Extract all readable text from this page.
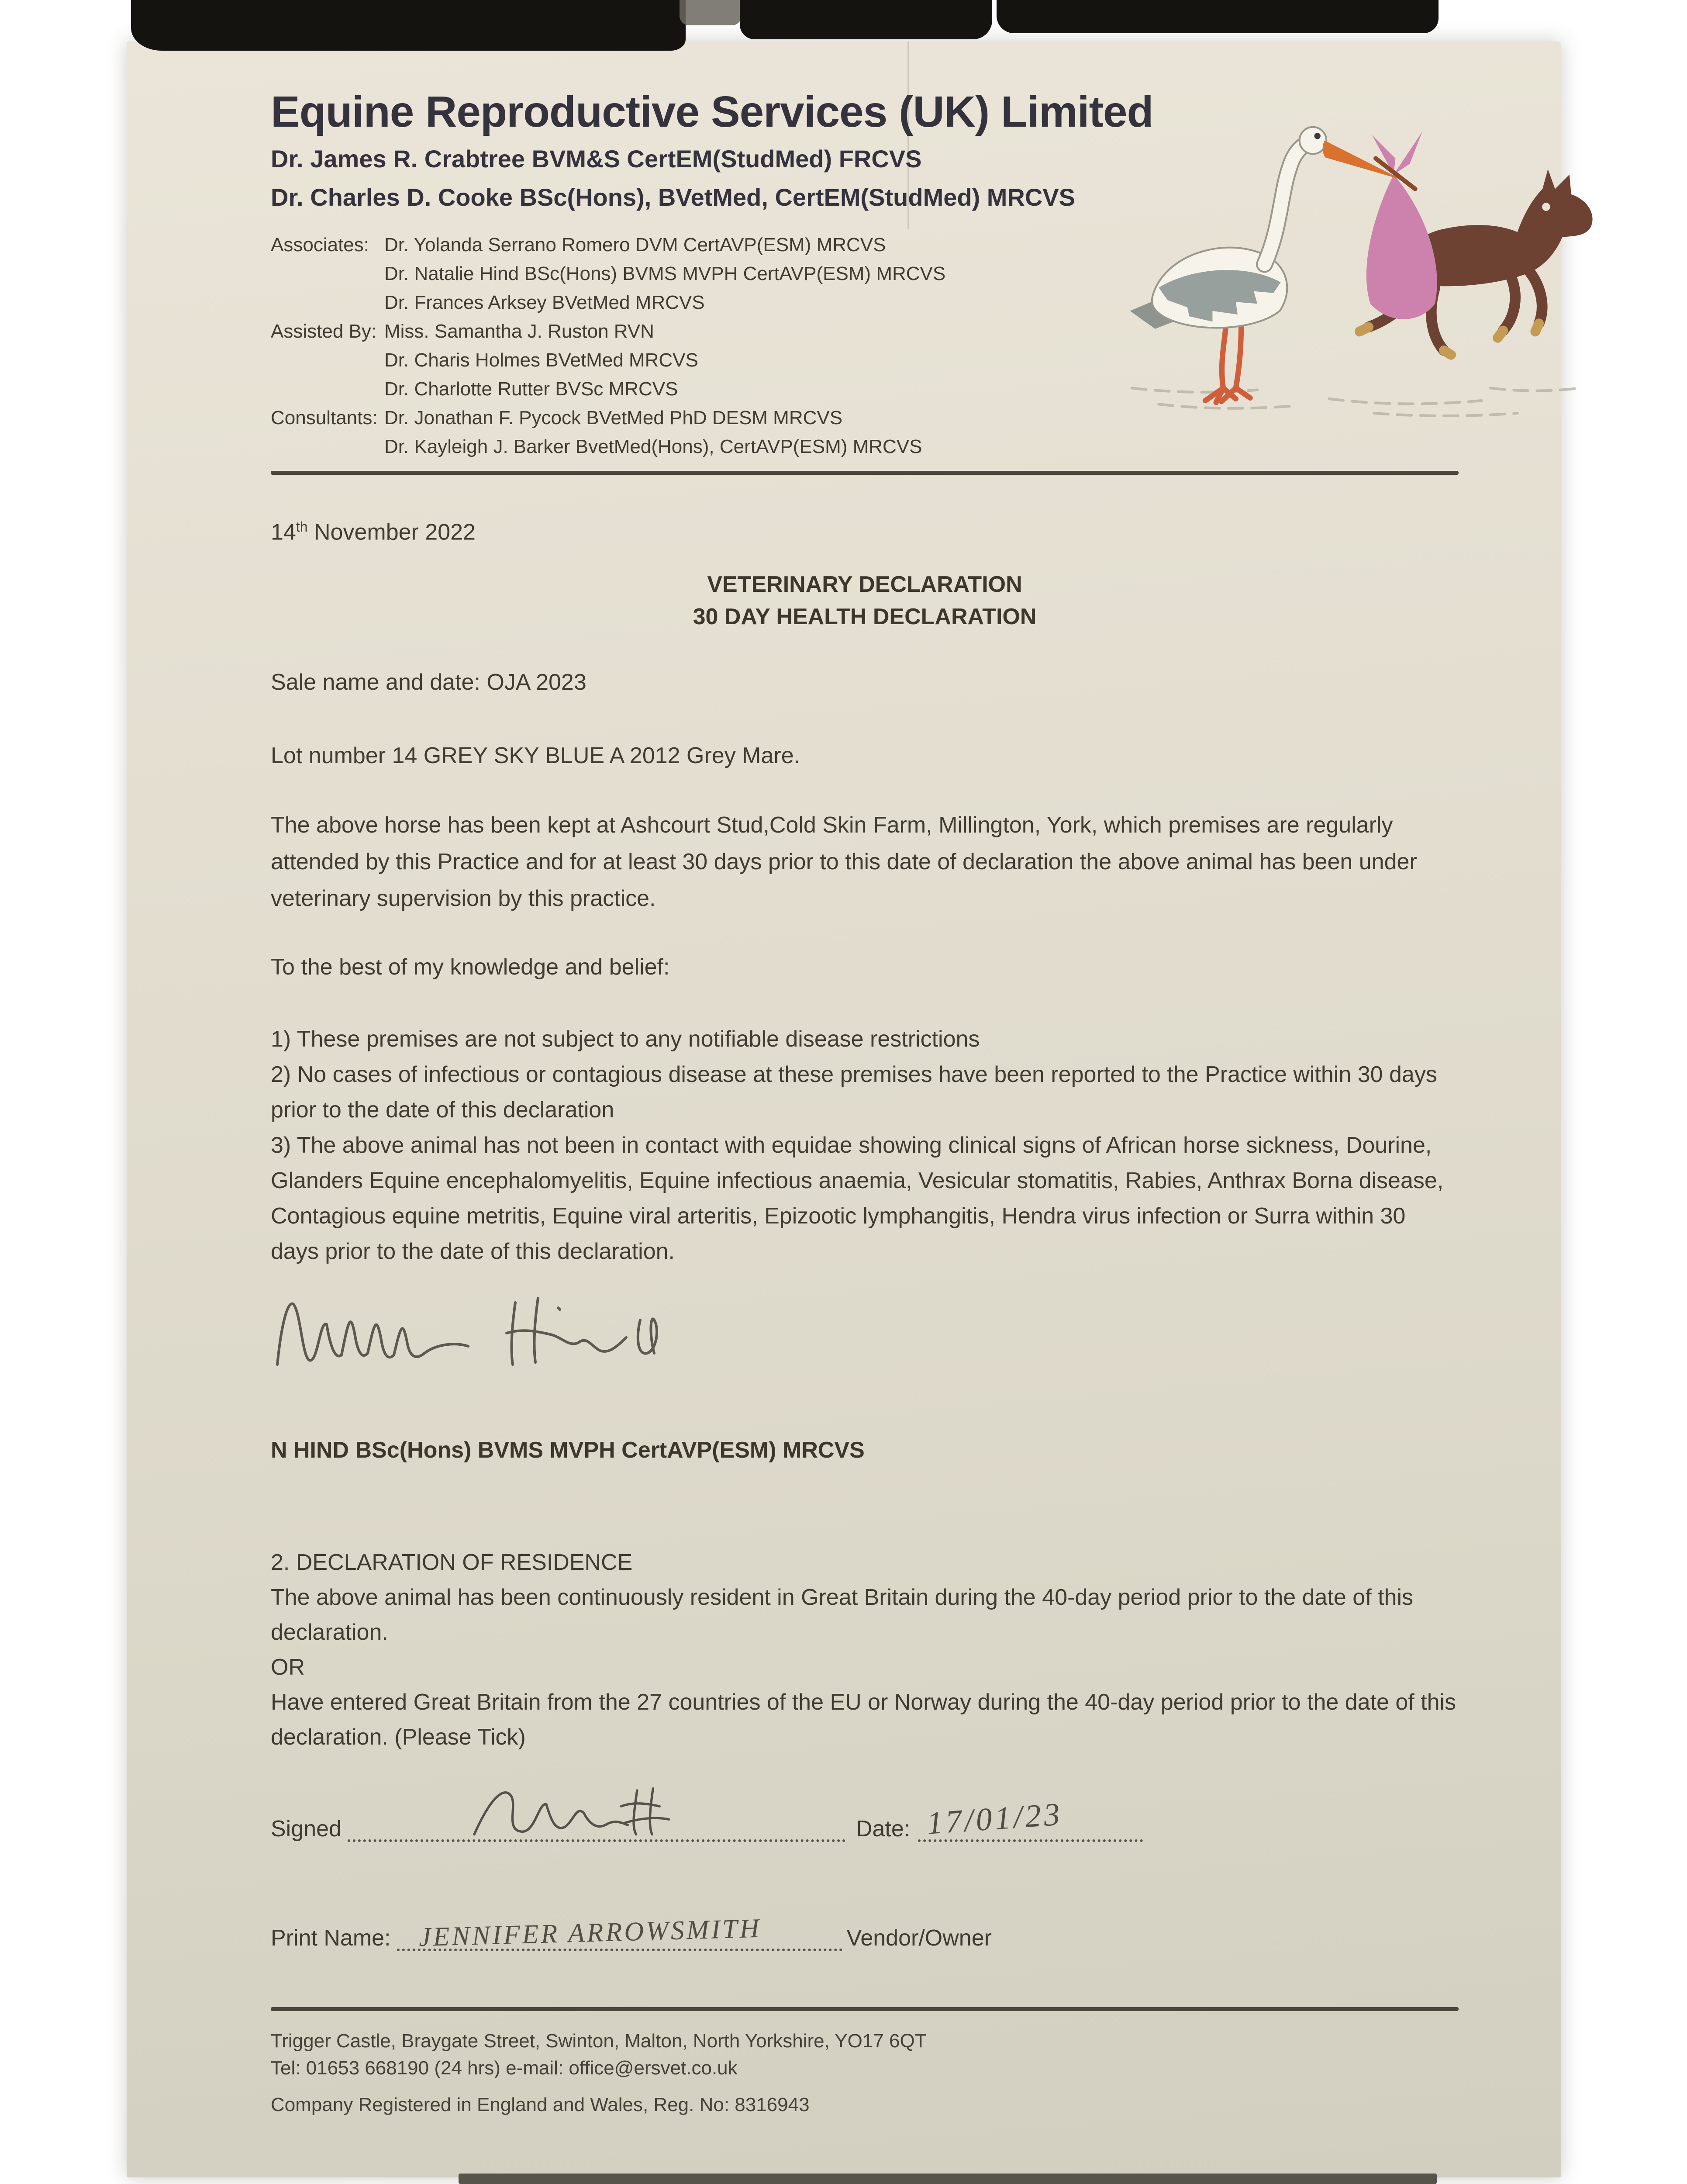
Equine Reproductive Services (UK) Limited

Dr. James R. Crabtree BVM&S CertEM(StudMed) FRCVS

Dr. Charles D. Cooke BSc(Hons), BVetMed, CertEM(StudMed) MRCVS

Associates: Dr. Yolanda Serrano Romero DVM CertAVP(ESM) MRCVS
Dr. Natalie Hind BSc(Hons) BVMS MVPH CertAVP(ESM) MRCVS
Dr. Frances Arksey BVetMed MRCVS
Assisted By: Miss. Samantha J. Ruston RVN
Dr. Charis Holmes BVetMed MRCVS
Dr. Charlotte Rutter BVSc MRCVS
Consultants: Dr. Jonathan F. Pycock BVetMed PhD DESM MRCVS
Dr. Kayleigh J. Barker BvetMed(Hons), CertAVP(ESM) MRCVS

14th November 2022

VETERINARY DECLARATION
30 DAY HEALTH DECLARATION

Sale name and date: OJA 2023

Lot number 14 GREY SKY BLUE A 2012 Grey Mare.

The above horse has been kept at Ashcourt Stud,Cold Skin Farm, Millington, York, which premises are regularly attended by this Practice and for at least 30 days prior to this date of declaration the above animal has been under veterinary supervision by this practice.

To the best of my knowledge and belief:

1) These premises are not subject to any notifiable disease restrictions
2) No cases of infectious or contagious disease at these premises have been reported to the Practice within 30 days prior to the date of this declaration
3) The above animal has not been in contact with equidae showing clinical signs of African horse sickness, Dourine, Glanders Equine encephalomyelitis, Equine infectious anaemia, Vesicular stomatitis, Rabies, Anthrax Borna disease, Contagious equine metritis, Equine viral arteritis, Epizootic lymphangitis, Hendra virus infection or Surra within 30 days prior to the date of this declaration.

N HIND BSc(Hons) BVMS MVPH CertAVP(ESM) MRCVS

2. DECLARATION OF RESIDENCE

The above animal has been continuously resident in Great Britain during the 40-day period prior to the date of this declaration.

OR

Have entered Great Britain from the 27 countries of the EU or Norway during the 40-day period prior to the date of this declaration. (Please Tick)

Signed	Date: 17/01/23
Print Name: JENNIFER ARROWSMITH	Vendor/Owner
Trigger Castle, Braygate Street, Swinton, Malton, North Yorkshire, YO17 6QT
Tel: 01653 668190 (24 hrs) e-mail: office@ersvet.co.uk
Company Registered in England and Wales, Reg. No: 8316943
